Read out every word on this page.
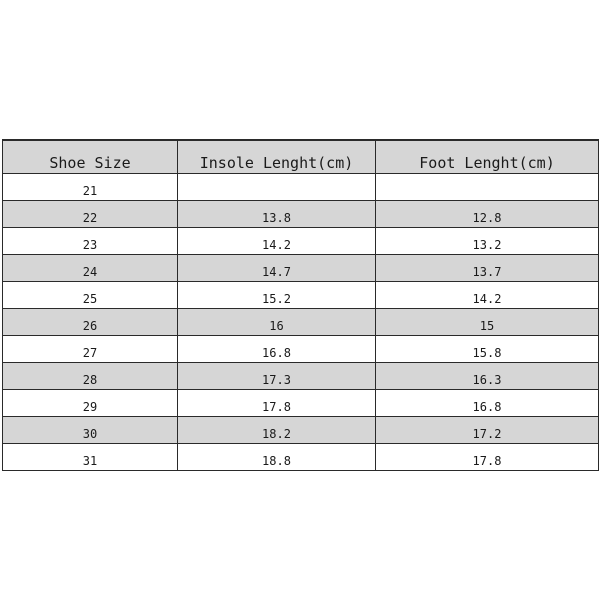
Shoe Size	Insole Lenght(cm)	Foot Lenght(cm)
21		
22	13.8	12.8
23	14.2	13.2
24	14.7	13.7
25	15.2	14.2
26	16	15
27	16.8	15.8
28	17.3	16.3
29	17.8	16.8
30	18.2	17.2
31	18.8	17.8
